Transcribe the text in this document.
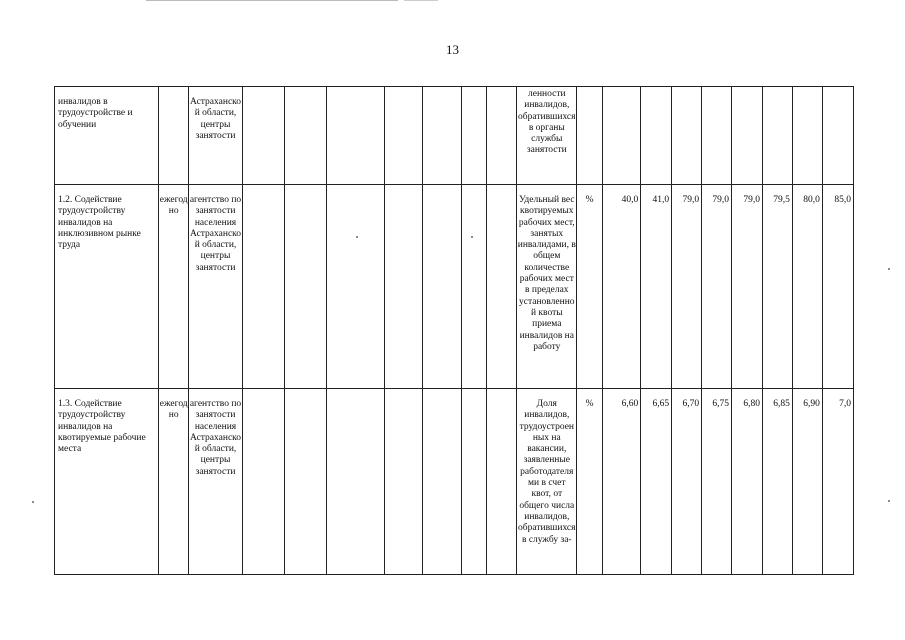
13
инвалидов в трудоустройстве и обучении		Астраханской области, центры занятости								ленности инвалидов, обратившихся в органы службы занятости									
1.2. Содействие трудоустройству инвалидов на инклюзивном рынке труда	ежегодно	агентство по занятости населения Астраханской области, центры занятости								Удельный вес квотируемых рабочих мест, занятых инвалидами, в общем количестве рабочих мест в пределах установленной квоты приема инвалидов на работу	%	40,0	41,0	79,0	79,0	79,0	79,5	80,0	85,0
1.3. Содействие трудоустройству инвалидов на квотируемые рабочие места	ежегодно	агентство по занятости населения Астраханской области, центры занятости								Доля инвалидов, трудоустроенных на вакансии, заявленные работодателями в счет квот, от общего числа инвалидов, обратившихся в службу за-	%	6,60	6,65	6,70	6,75	6,80	6,85	6,90	7,0
